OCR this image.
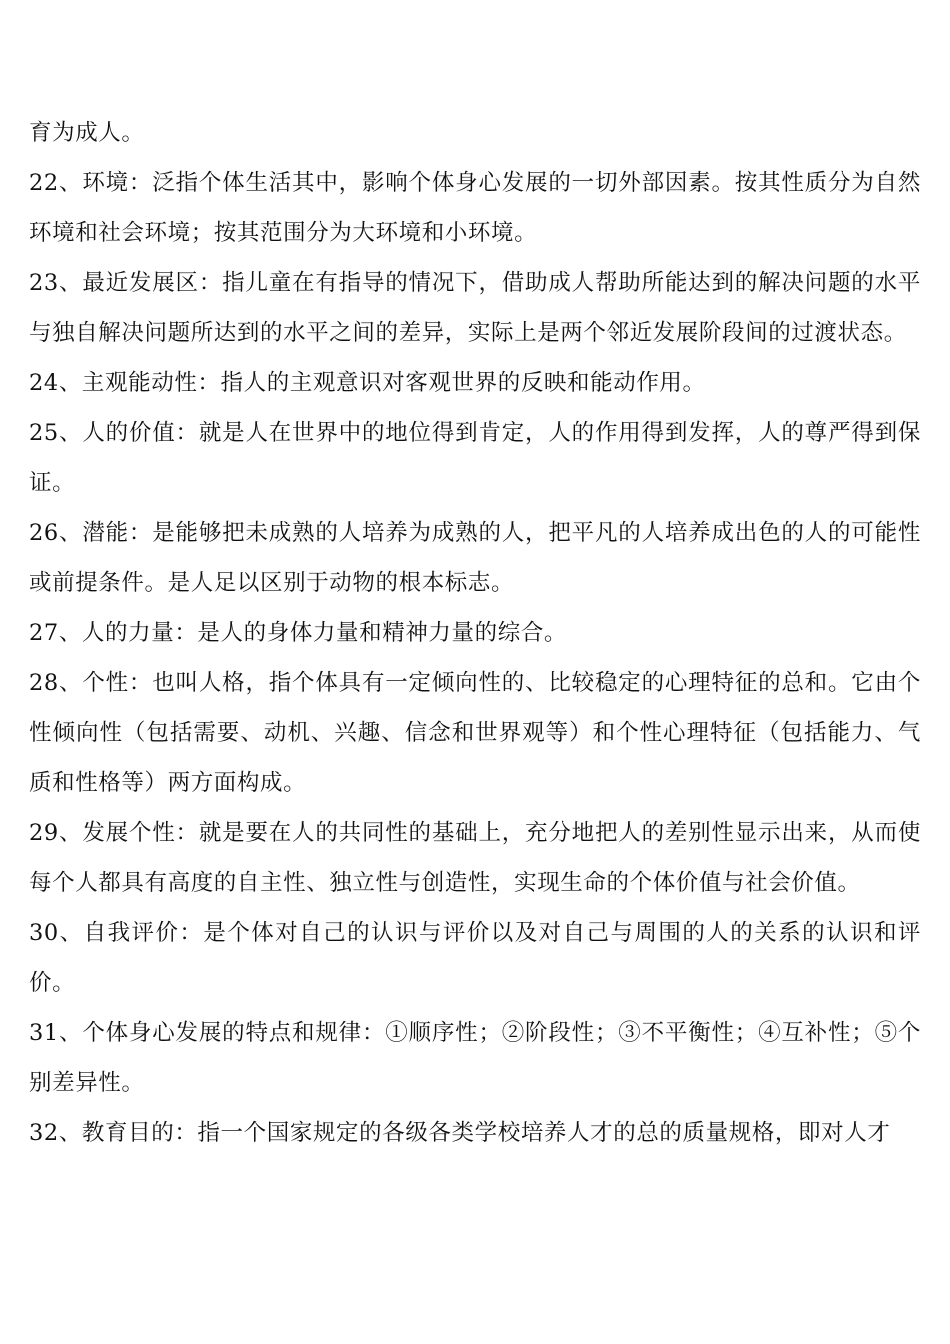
育为成人。

22、环境：泛指个体生活其中，影响个体身心发展的一切外部因素。按其性质分为自然环境和社会环境；按其范围分为大环境和小环境。

23、最近发展区：指儿童在有指导的情况下，借助成人帮助所能达到的解决问题的水平与独自解决问题所达到的水平之间的差异，实际上是两个邻近发展阶段间的过渡状态。

24、主观能动性：指人的主观意识对客观世界的反映和能动作用。

25、人的价值：就是人在世界中的地位得到肯定，人的作用得到发挥，人的尊严得到保证。

26、潜能：是能够把未成熟的人培养为成熟的人，把平凡的人培养成出色的人的可能性或前提条件。是人足以区别于动物的根本标志。

27、人的力量：是人的身体力量和精神力量的综合。

28、个性：也叫人格，指个体具有一定倾向性的、比较稳定的心理特征的总和。它由个性倾向性（包括需要、动机、兴趣、信念和世界观等）和个性心理特征（包括能力、气质和性格等）两方面构成。

29、发展个性：就是要在人的共同性的基础上，充分地把人的差别性显示出来，从而使每个人都具有高度的自主性、独立性与创造性，实现生命的个体价值与社会价值。

30、自我评价：是个体对自己的认识与评价以及对自己与周围的人的关系的认识和评价。

31、个体身心发展的特点和规律：①顺序性；②阶段性；③不平衡性；④互补性；⑤个别差异性。

32、教育目的：指一个国家规定的各级各类学校培养人才的总的质量规格，即对人才
